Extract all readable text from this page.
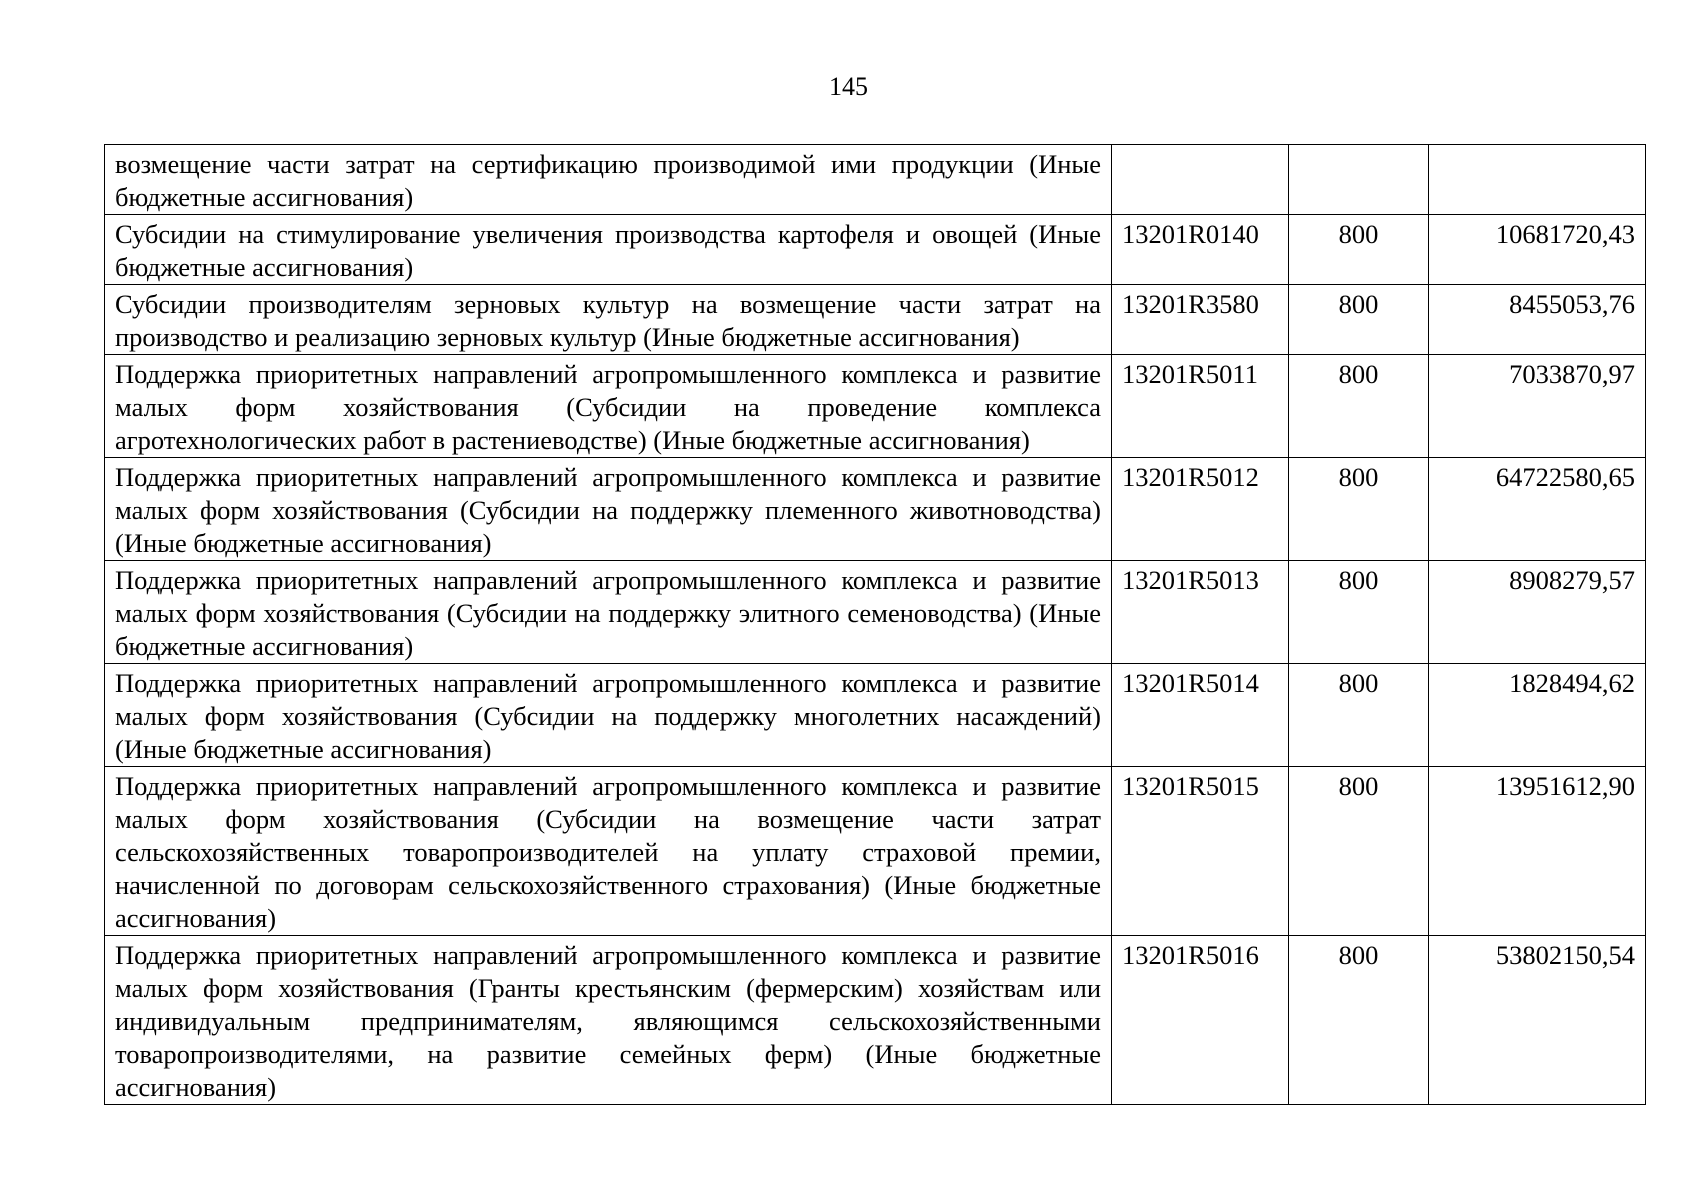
145
возмещение части затрат на сертификацию производимой ими продукции (Иные бюджетные ассигнования)			

Субсидии на стимулирование увеличения производства картофеля и овощей (Иные бюджетные ассигнования)	13201R0140	800	10681720,43

Субсидии производителям зерновых культур на возмещение части затрат на производство и реализацию зерновых культур (Иные бюджетные ассигнования)	13201R3580	800	8455053,76

Поддержка приоритетных направлений агропромышленного комплекса и развитие малых форм хозяйствования (Субсидии на проведение комплекса агротехнологических работ в растениеводстве) (Иные бюджетные ассигнования)	13201R5011	800	7033870,97

Поддержка приоритетных направлений агропромышленного комплекса и развитие малых форм хозяйствования (Субсидии на поддержку племенного животноводства) (Иные бюджетные ассигнования)	13201R5012	800	64722580,65

Поддержка приоритетных направлений агропромышленного комплекса и развитие малых форм хозяйствования (Субсидии на поддержку элитного семеноводства) (Иные бюджетные ассигнования)	13201R5013	800	8908279,57

Поддержка приоритетных направлений агропромышленного комплекса и развитие малых форм хозяйствования (Субсидии на поддержку многолетних насаждений) (Иные бюджетные ассигнования)	13201R5014	800	1828494,62

Поддержка приоритетных направлений агропромышленного комплекса и развитие малых форм хозяйствования (Субсидии на возмещение части затрат сельскохозяйственных товаропроизводителей на уплату страховой премии, начисленной по договорам сельскохозяйственного страхования) (Иные бюджетные ассигнования)	13201R5015	800	13951612,90

Поддержка приоритетных направлений агропромышленного комплекса и развитие малых форм хозяйствования (Гранты крестьянским (фермерским) хозяйствам или индивидуальным предпринимателям, являющимся сельскохозяйственными товаропроизводителями, на развитие семейных ферм) (Иные бюджетные ассигнования)	13201R5016	800	53802150,54
